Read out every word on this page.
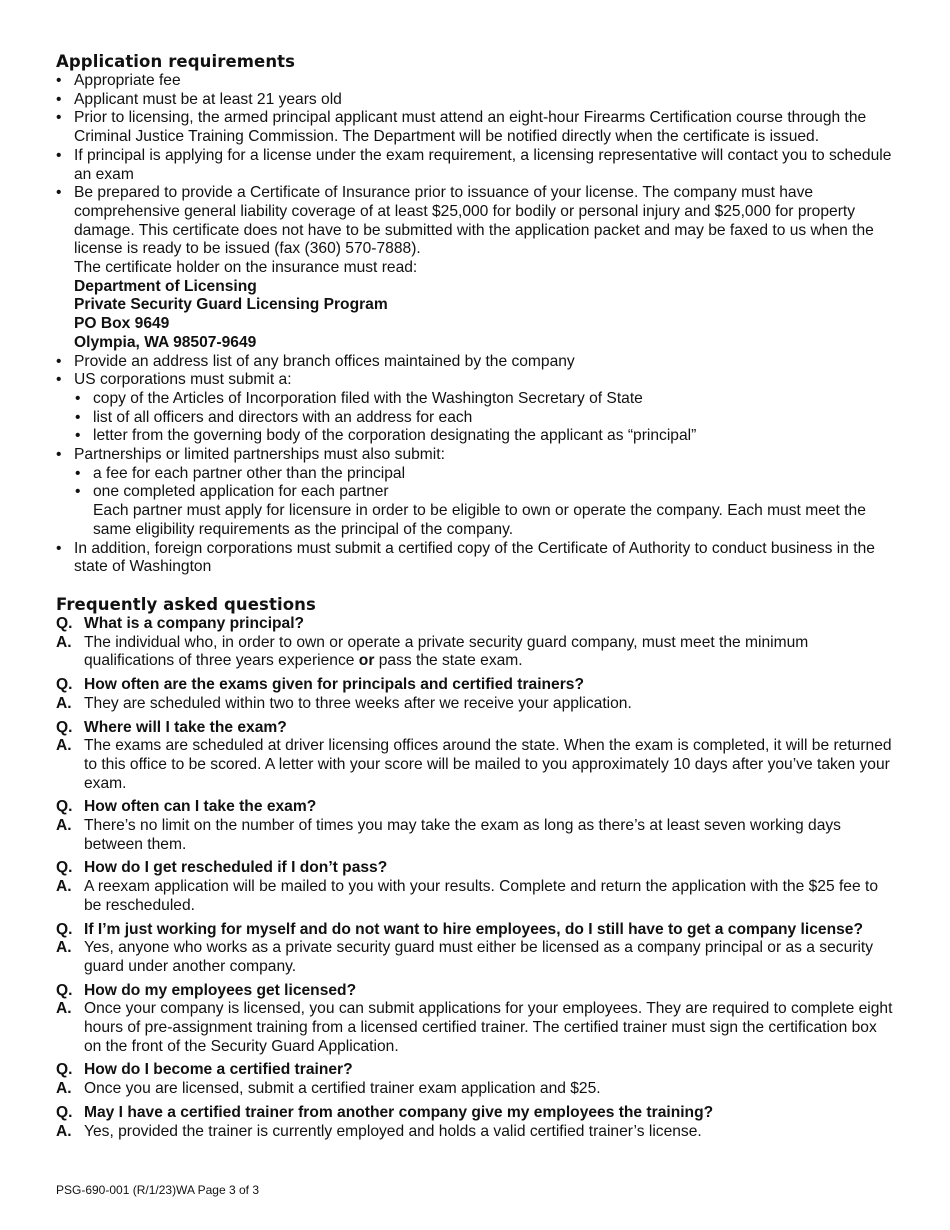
Application requirements
• Appropriate fee
• Applicant must be at least 21 years old
• Prior to licensing, the armed principal applicant must attend an eight-hour Firearms Certification course through the Criminal Justice Training Commission. The Department will be notified directly when the certificate is issued.
• If principal is applying for a license under the exam requirement, a licensing representative will contact you to schedule an exam
• Be prepared to provide a Certificate of Insurance prior to issuance of your license. The company must have comprehensive general liability coverage of at least $25,000 for bodily or personal injury and $25,000 for property damage. This certificate does not have to be submitted with the application packet and may be faxed to us when the license is ready to be issued (fax (360) 570-7888).
The certificate holder on the insurance must read:
Department of Licensing
Private Security Guard Licensing Program
PO Box 9649
Olympia, WA 98507-9649
• Provide an address list of any branch offices maintained by the company
• US corporations must submit a:
• copy of the Articles of Incorporation filed with the Washington Secretary of State
• list of all officers and directors with an address for each
• letter from the governing body of the corporation designating the applicant as “principal”
• Partnerships or limited partnerships must also submit:
• a fee for each partner other than the principal
• one completed application for each partner
Each partner must apply for licensure in order to be eligible to own or operate the company. Each must meet the same eligibility requirements as the principal of the company.
• In addition, foreign corporations must submit a certified copy of the Certificate of Authority to conduct business in the state of Washington
Frequently asked questions
Q. What is a company principal?
A. The individual who, in order to own or operate a private security guard company, must meet the minimum qualifications of three years experience or pass the state exam.
Q. How often are the exams given for principals and certified trainers?
A. They are scheduled within two to three weeks after we receive your application.
Q. Where will I take the exam?
A. The exams are scheduled at driver licensing offices around the state. When the exam is completed, it will be returned to this office to be scored. A letter with your score will be mailed to you approximately 10 days after you’ve taken your exam.
Q. How often can I take the exam?
A. There’s no limit on the number of times you may take the exam as long as there’s at least seven working days between them.
Q. How do I get rescheduled if I don’t pass?
A. A reexam application will be mailed to you with your results. Complete and return the application with the $25 fee to be rescheduled.
Q. If I’m just working for myself and do not want to hire employees, do I still have to get a company license?
A. Yes, anyone who works as a private security guard must either be licensed as a company principal or as a security guard under another company.
Q. How do my employees get licensed?
A. Once your company is licensed, you can submit applications for your employees. They are required to complete eight hours of pre-assignment training from a licensed certified trainer. The certified trainer must sign the certification box on the front of the Security Guard Application.
Q. How do I become a certified trainer?
A. Once you are licensed, submit a certified trainer exam application and $25.
Q. May I have a certified trainer from another company give my employees the training?
A. Yes, provided the trainer is currently employed and holds a valid certified trainer’s license.
PSG-690-001 (R/1/23)WA Page 3 of 3
